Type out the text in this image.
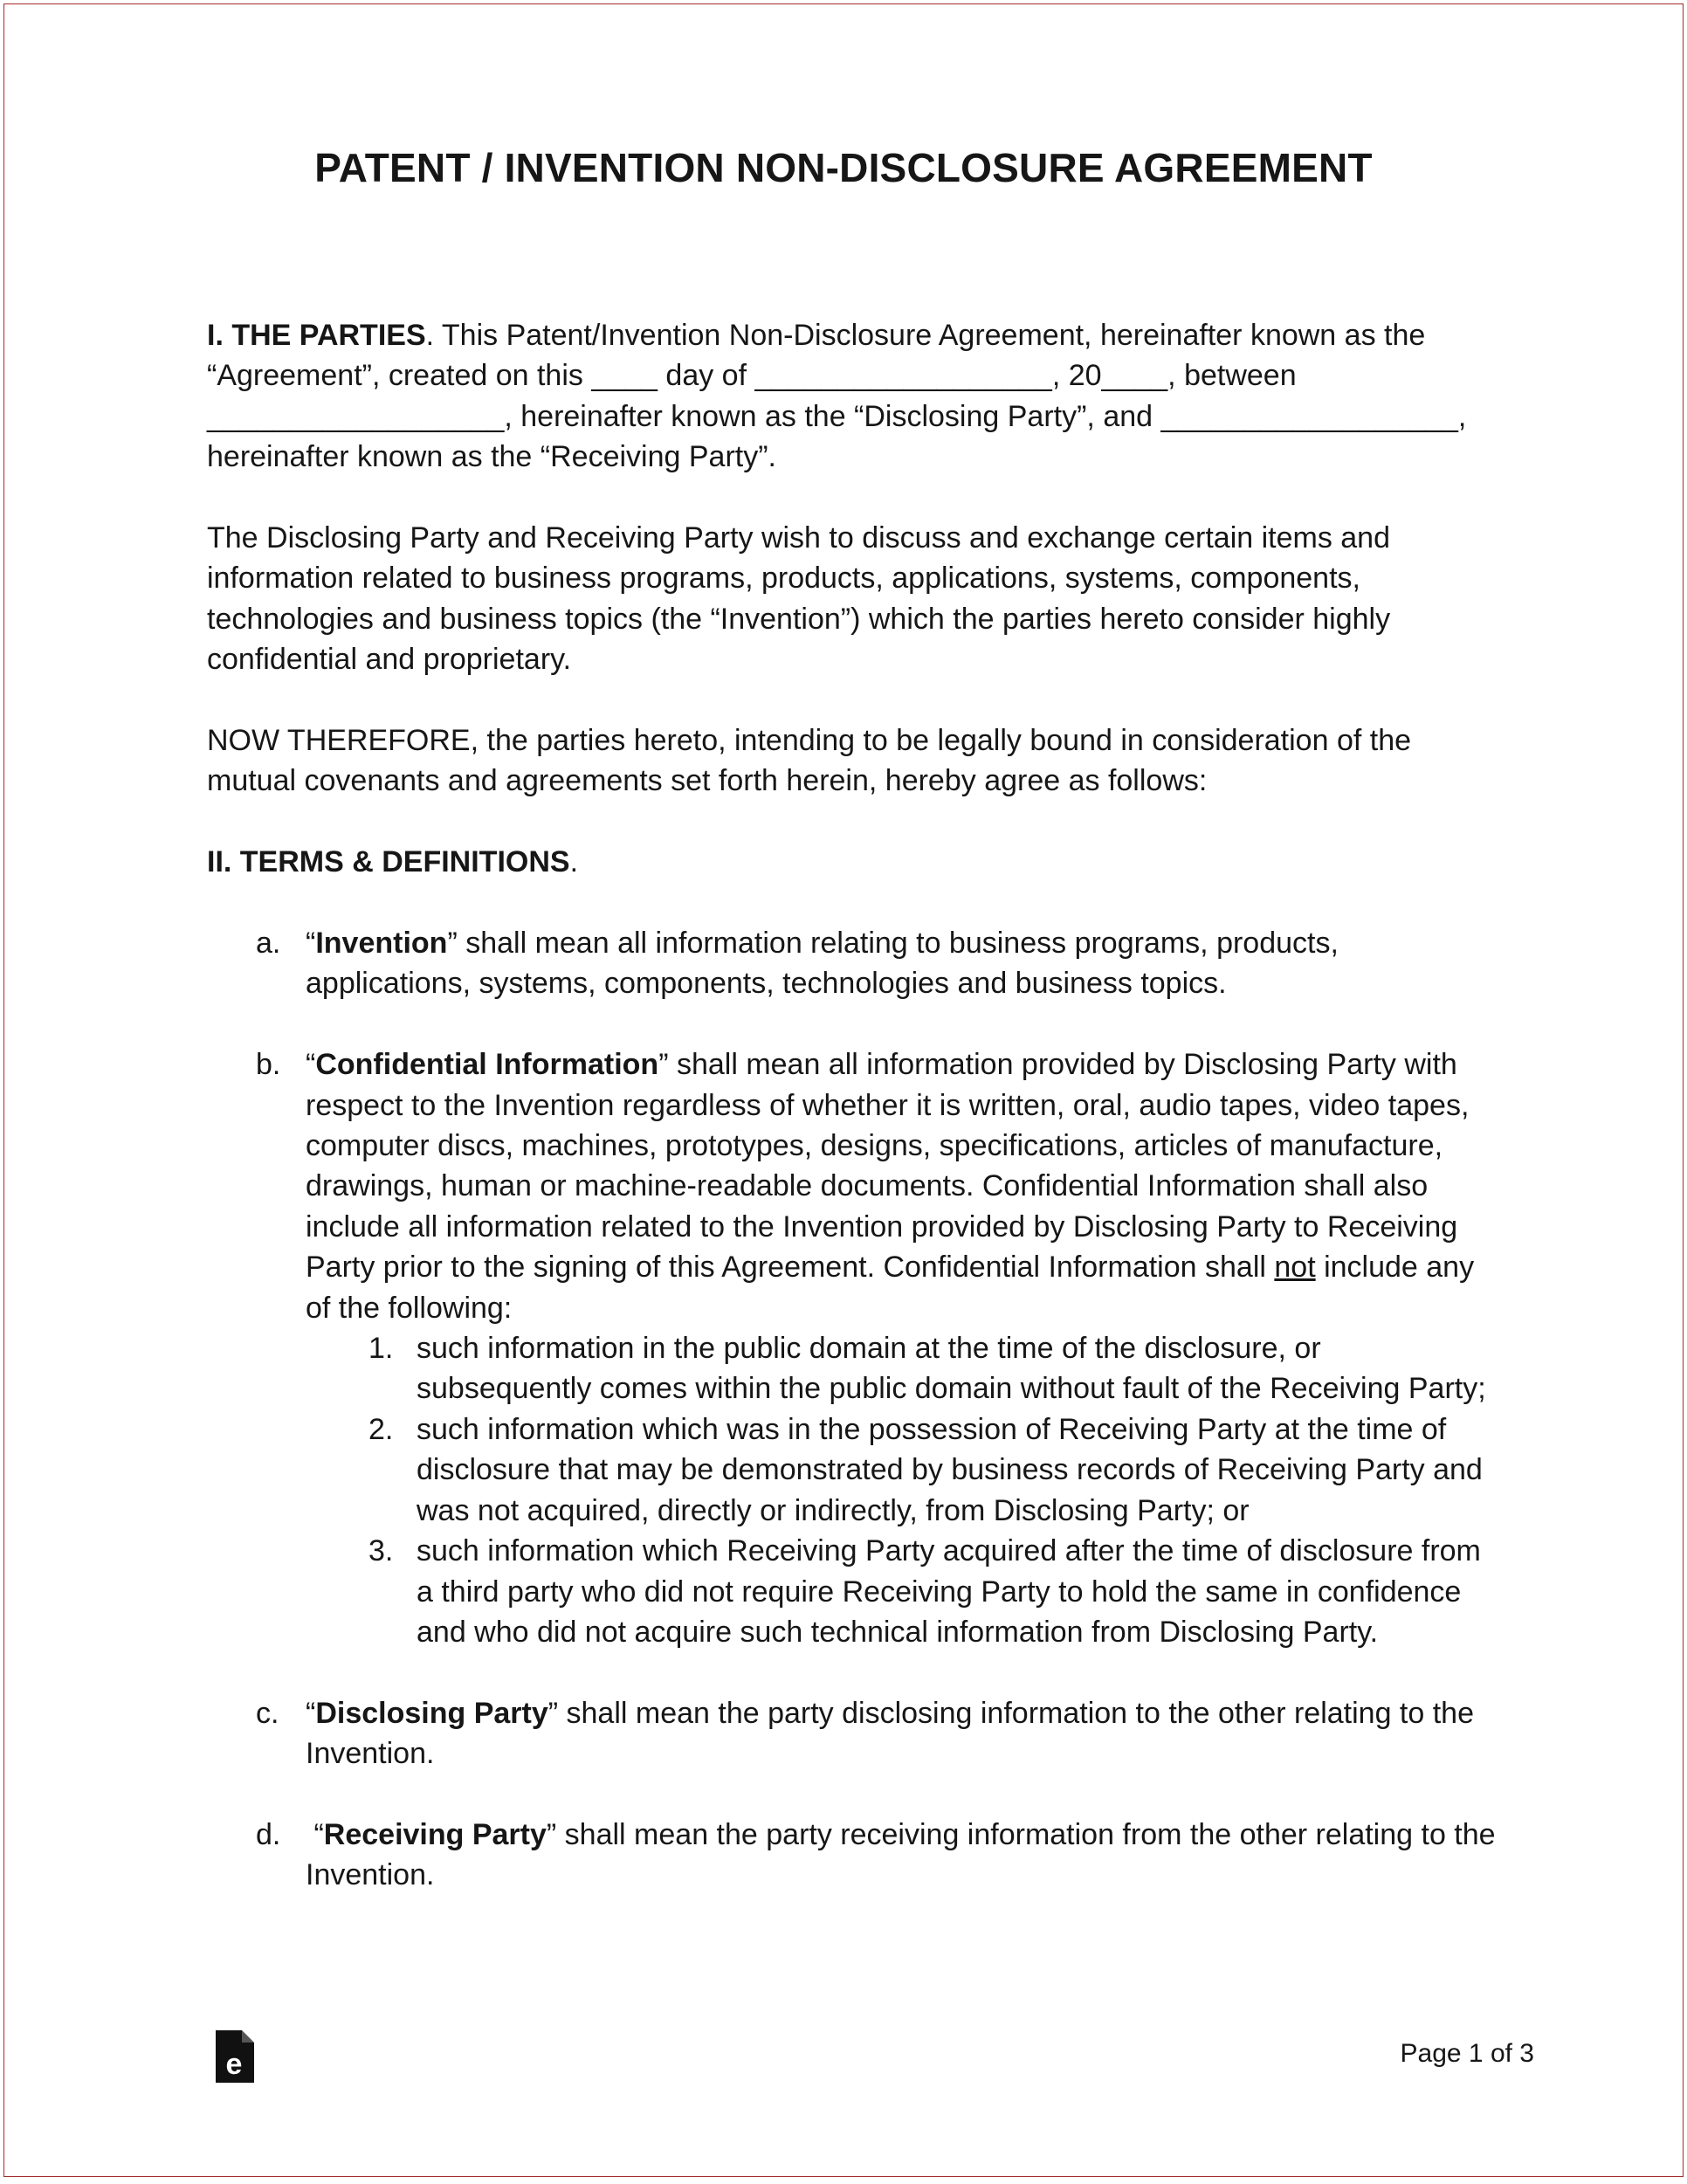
PATENT / INVENTION NON-DISCLOSURE AGREEMENT

I. THE PARTIES. This Patent/Invention Non-Disclosure Agreement, hereinafter known as the “Agreement”, created on this ____ day of __________________, 20____, between __________________, hereinafter known as the “Disclosing Party”, and __________________, hereinafter known as the “Receiving Party”.

The Disclosing Party and Receiving Party wish to discuss and exchange certain items and information related to business programs, products, applications, systems, components, technologies and business topics (the “Invention”) which the parties hereto consider highly confidential and proprietary.

NOW THEREFORE, the parties hereto, intending to be legally bound in consideration of the mutual covenants and agreements set forth herein, hereby agree as follows:

II. TERMS & DEFINITIONS.

a. “Invention” shall mean all information relating to business programs, products, applications, systems, components, technologies and business topics.
b. “Confidential Information” shall mean all information provided by Disclosing Party with respect to the Invention regardless of whether it is written, oral, audio tapes, video tapes, computer discs, machines, prototypes, designs, specifications, articles of manufacture, drawings, human or machine-readable documents. Confidential Information shall also include all information related to the Invention provided by Disclosing Party to Receiving Party prior to the signing of this Agreement. Confidential Information shall not include any of the following:
1. such information in the public domain at the time of the disclosure, or subsequently comes within the public domain without fault of the Receiving Party;
2. such information which was in the possession of Receiving Party at the time of disclosure that may be demonstrated by business records of Receiving Party and was not acquired, directly or indirectly, from Disclosing Party; or
3. such information which Receiving Party acquired after the time of disclosure from a third party who did not require Receiving Party to hold the same in confidence and who did not acquire such technical information from Disclosing Party.
c. “Disclosing Party” shall mean the party disclosing information to the other relating to the Invention.
d. “Receiving Party” shall mean the party receiving information from the other relating to the Invention.
e	Page 1 of 3
